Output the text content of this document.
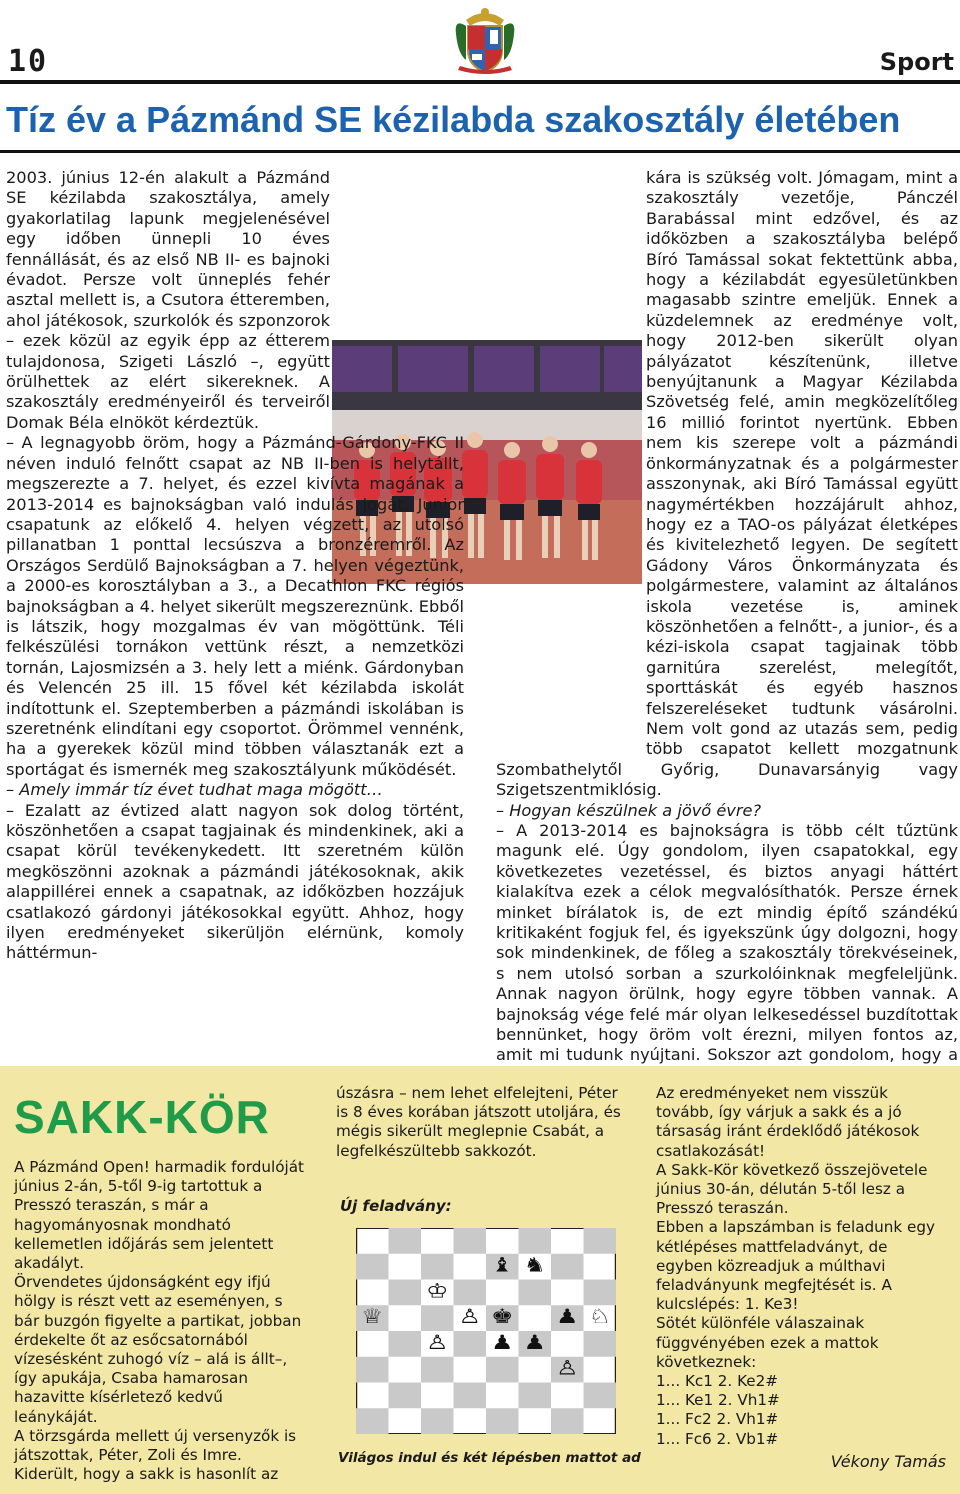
10	Sport
Tíz év a Pázmánd SE kézilabda szakosztály életében

2003. június 12-én alakult a Pázmánd SE kézilabda szakosztálya, amely gyakorlatilag lapunk megjelenésével egy időben ünnepli 10 éves fennállását, és az első NB II- es bajnoki évadot. Persze volt ünneplés fehér asztal mellett is, a Csutora étteremben, ahol játékosok, szurkolók és szponzorok – ezek közül az egyik épp az étterem tulajdonosa, Szigeti László –, együtt örülhettek az elért sikereknek. A szakosztály eredményeiről és terveiről Domak Béla elnököt kérdeztük.

– A legnagyobb öröm, hogy a Pázmánd-Gárdony-FKC II néven induló felnőtt csapat az NB II-ben is helytállt, megszerezte a 7. helyet, és ezzel kivívta magának a 2013-2014 es bajnokságban való indulás jogát. Junior csapatunk az előkelő 4. helyen végzett, az utolsó pillanatban 1 ponttal lecsúszva a bronzéremről. Az Országos Serdülő Bajnokságban a 7. helyen végeztünk, a 2000-es korosztályban a 3., a Decathlon FKC régiós bajnokságban a 4. helyet sikerült megszereznünk. Ebből is látszik, hogy mozgalmas év van mögöttünk. Téli felkészülési tornákon vettünk részt, a nemzetközi tornán, Lajosmizsén a 3. hely lett a miénk. Gárdonyban és Velencén 25 ill. 15 fővel két kézilabda iskolát indítottunk el. Szeptemberben a pázmándi iskolában is szeretnénk elindítani egy csoportot. Örömmel vennénk, ha a gyerekek közül mind többen választanák ezt a sportágat és ismernék meg szakosztályunk működését.

– Amely immár tíz évet tudhat maga mögött…

– Ezalatt az évtized alatt nagyon sok dolog történt, köszönhetően a csapat tagjainak és mindenkinek, aki a csapat körül tevékenykedett. Itt szeretném külön megköszönni azoknak a pázmándi játékosoknak, akik alappillérei ennek a csapatnak, az időközben hozzájuk csatlakozó gárdonyi játékosokkal együtt. Ahhoz, hogy ilyen eredményeket sikerüljön elérnünk, komoly háttérmun-

kára is szükség volt. Jómagam, mint a szakosztály vezetője, Pánczél Barabással mint edzővel, és az időközben a szakosztályba belépő Bíró Tamással sokat fektettünk abba, hogy a kézilabdát egyesületünkben magasabb szintre emeljük. Ennek a küzdelemnek az eredménye volt, hogy 2012-ben sikerült olyan pályázatot készítenünk, illetve benyújtanunk a Magyar Kézilabda Szövetség felé, amin megközelítőleg 16 millió forintot nyertünk. Ebben nem kis szerepe volt a pázmándi önkormányzatnak és a polgármester asszonynak, aki Bíró Tamással együtt nagymértékben hozzájárult ahhoz, hogy ez a TAO-os pályázat életképes és kivitelezhető legyen. De segített Gádony Város Önkormányzata és polgármestere, valamint az általános iskola vezetése is, aminek köszönhetően a felnőtt-, a junior-, és a kézi-iskola csapat tagjainak több garnitúra szerelést, melegítőt, sporttáskát és egyéb hasznos felszereléseket tudtunk vásárolni. Nem volt gond az utazás sem, pedig több csapatot kellett mozgatnunk Szombathelytől Győrig, Dunavarsányig vagy Szigetszentmiklósig.

– Hogyan készülnek a jövő évre?

– A 2013-2014 es bajnokságra is több célt tűztünk magunk elé. Úgy gondolom, ilyen csapatokkal, egy következetes vezetéssel, és biztos anyagi háttért kialakítva ezek a célok megvalósíthatók. Persze érnek minket bírálatok is, de ezt mindig építő szándékú kritikaként fogjuk fel, és igyekszünk úgy dolgozni, hogy sok mindenkinek, de főleg a szakosztály törekvéseinek, s nem utolsó sorban a szurkolóinknak megfeleljünk. Annak nagyon örülnk, hogy egyre többen vannak. A bajnokság vége felé már olyan lelkesedéssel buzdítottak bennünket, hogy öröm volt érezni, milyen fontos az, amit mi tudunk nyújtani. Sokszor azt gondolom, hogy a

SAKK-KÖR

A Pázmánd Open! harmadik fordulóját június 2-án, 5-től 9-ig tartottuk a Presszó teraszán, s már a hagyományosnak mondható kellemetlen időjárás sem jelentett akadályt.

Örvendetes újdonságként egy ifjú hölgy is részt vett az eseményen, s bár buzgón figyelte a partikat, jobban érdekelte őt az esőcsatornából vízesésként zuhogó víz – alá is állt–, így apukája, Csaba hamarosan hazavitte kísérletező kedvű leánykáját.

A törzsgárda mellett új versenyzők is játszottak, Péter, Zoli és Imre.

Kiderült, hogy a sakk is hasonlít az

úszásra – nem lehet elfelejteni, Péter is 8 éves korában játszott utoljára, és mégis sikerült meglepnie Csabát, a legfelkészültebb sakkozót.

Új feladvány:
♝ ♞
♔
♕	♙ ♚ ♟ ♘
♙ ♟ ♟
♙
Világos indul és két lépésben mattot ad

Az eredményeket nem visszük tovább, így várjuk a sakk és a jó társaság iránt érdeklődő játékosok csatlakozását!

A Sakk-Kör következő összejövetele június 30-án, délután 5-től lesz a Presszó teraszán.

Ebben a lapszámban is feladunk egy kétlépéses mattfeladványt, de egyben közreadjuk a múlthavi feladványunk megfejtését is. A kulcslépés: 1. Ke3!

Sötét különféle válaszainak függvényében ezek a mattok következnek:

1... Kc1 2. Ke2#

1... Ke1 2. Vh1#

1... Fc2 2. Vh1#

1... Fc6 2. Vb1#

Vékony Tamás
